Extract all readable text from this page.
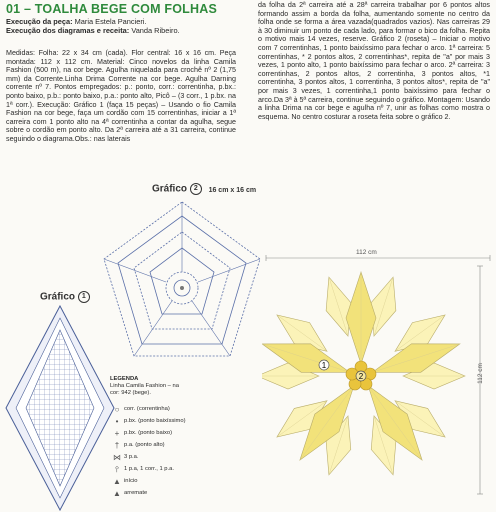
01 – TOALHA BEGE COM FOLHAS
Execução da peça: Maria Estela Pancieri.
Execução dos diagramas e receita: Vanda Ribeiro.
Medidas: Folha: 22 x 34 cm (cada). Flor central: 16 x 16 cm. Peça montada: 112 x 112 cm. Material: Cinco novelos da linha Camila Fashion (500 m), na cor bege. Agulha niquelada para crochê nº 2 (1,75 mm) da Corrente.Linha Drima Corrente na cor bege. Agulha Darning corrente nº 7. Pontos empregados: p.: ponto, corr.: correntinha, p.bx.: ponto baixo, p.b.: ponto baixo, p.a.: ponto alto, Picô – (3 corr., 1 p.bx. na 1ª corr.). Execução: Gráfico 1 (faça 15 peças) – Usando o fio Camila Fashion na cor bege, faça um cordão com 15 correntinhas, iniciar a 1ª carreira com 1 ponto alto na 4ª correntinha a contar da agulha, segue sobre o cordão em ponto alto. Da 2ª carreira até a 31 carreira, continue seguindo o diagrama.Obs.: nas laterais
da folha da 2ª carreira até a 28ª carreira trabalhar por 6 pontos altos formando assim a borda da folha, aumentando somente no centro da folha onde se forma a área vazada(quadrados vazios). Nas carreiras 29 à 30 diminuir um ponto de cada lado, para formar o bico da folha. Repita o motivo mais 14 vezes, reserve. Gráfico 2 (roseta) – Iniciar o motivo com 7 correntinhas, 1 ponto baixíssimo para fechar o arco. 1ª carreira: 5 correntinhas, * 2 pontos altos, 2 correntinhas*, repita de "a" por mais 3 vezes, 1 ponto alto, 1 ponto baixíssimo para fechar o arco. 2ª carreira: 3 correntinhas, 2 pontos altos, 2 correntinha, 3 pontos altos, *1 correntinha, 3 pontos altos, 1 correntinha, 3 pontos altos*, repita de "a" por mais 3 vezes, 1 correntinha,1 ponto baixíssimo para fechar o arco.Da 3ª à 5ª carreira, continue seguindo o gráfico. Montagem: Usando a linha Drima na cor bege e agulha nº 7, unir as folhas como mostra o esquema. No centro costurar a roseta feita sobre o gráfico 2.
Gráfico 2 16 cm x 16 cm
Gráfico 1
LEGENDA
Linha Camila Fashion – na cor: 942 (bege).
○ corr. (correntinha)
• p.bx. (ponto baixíssimo)
+ p.bx. (ponto baixo)
† p.a. (ponto alto)
⋈ 3 p.a.
⫯ 1 p.a, 1 corr., 1 p.a.
▲ início
▲ arremate
112 cm
112 cm
2
1
